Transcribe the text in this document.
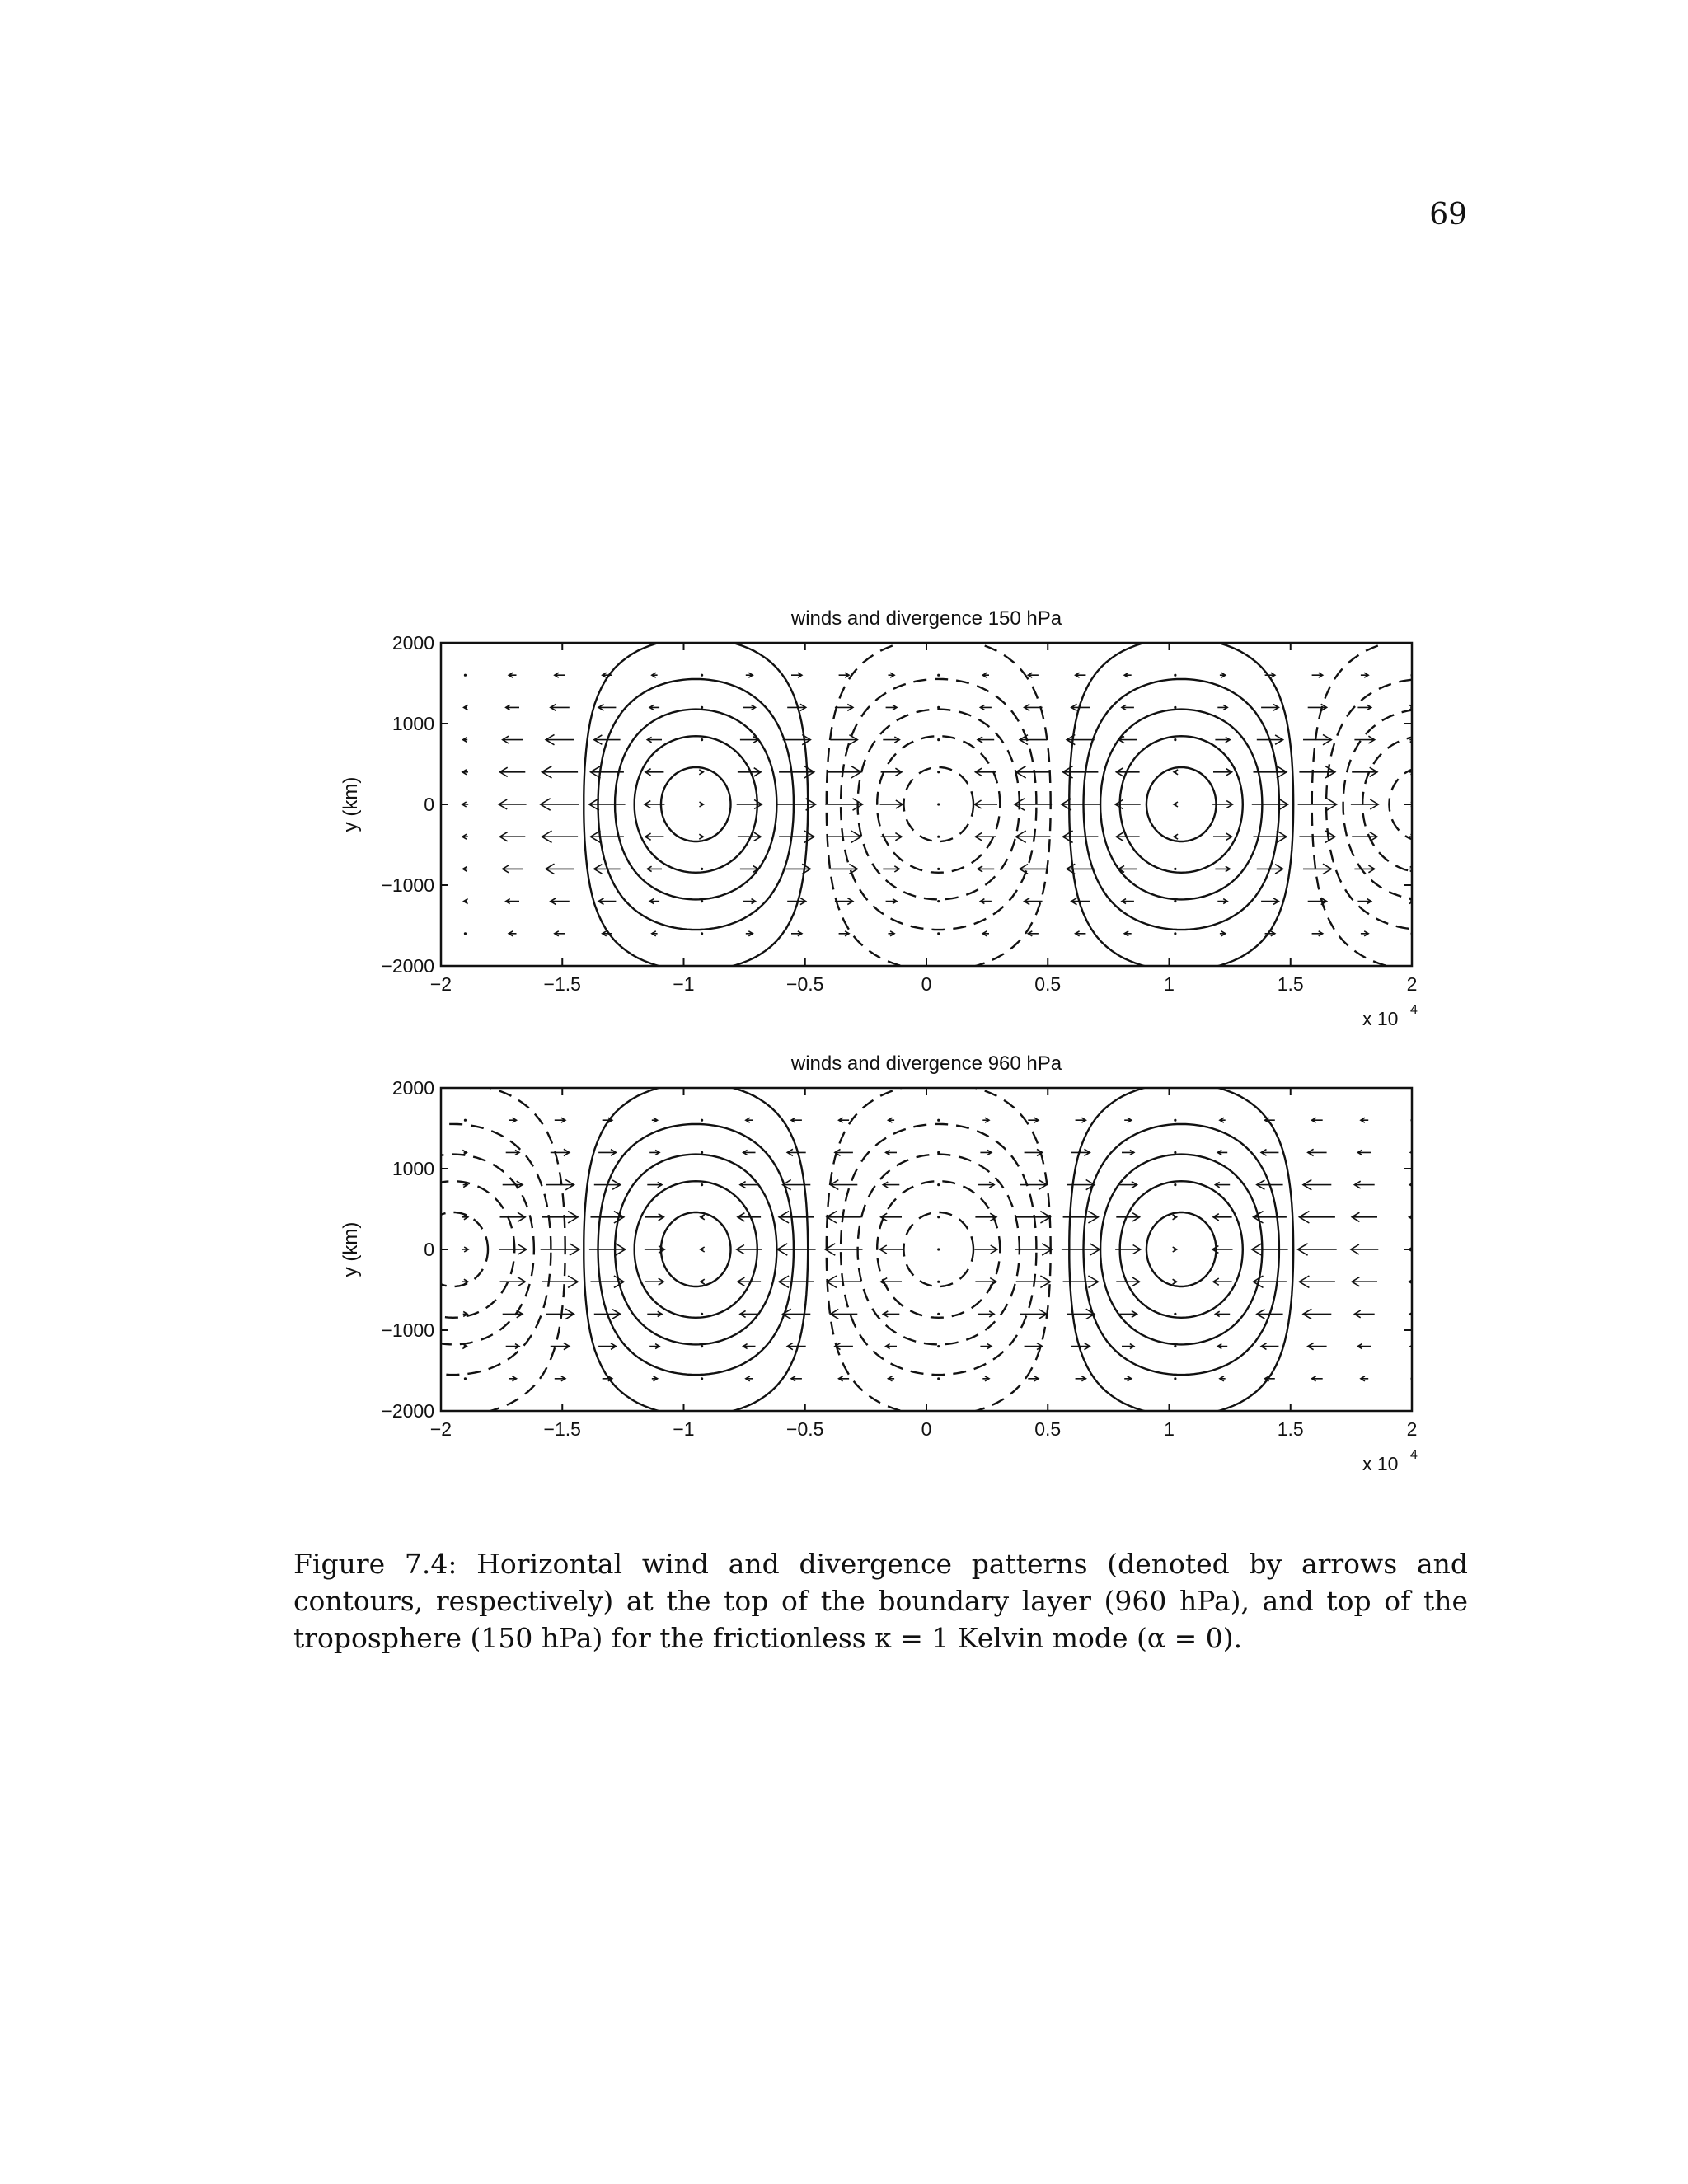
69
winds and divergence 150 hPa
y (km)
−2	−1.5	−1	−0.5	0	0.5	1	1.5	2
2000
1000
0
−1000
−2000
x 10 4
winds and divergence 960 hPa
y (km)
−2	−1.5	−1	−0.5	0	0.5	1	1.5	2
2000
1000
0
−1000
−2000
x 10 4
Figure 7.4: Horizontal wind and divergence patterns (denoted by arrows and contours, respectively) at the top of the boundary layer (960 hPa), and top of the troposphere (150 hPa) for the frictionless κ = 1 Kelvin mode (α = 0).
